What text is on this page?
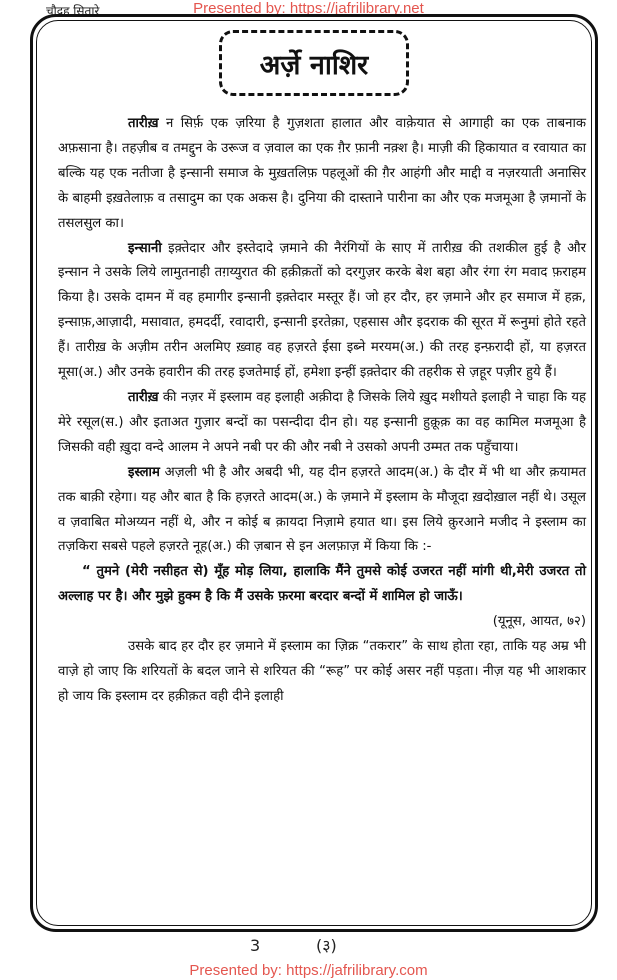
चौदह सितारे	Presented by: https://jafrilibrary.net
अर्ज़े नाशिर

तारीख़ न सिर्फ़ एक ज़रिया है गुज़शता हालात और वाक़ेयात से आगाही का एक ताबनाक अफ़साना है। तहज़ीब व तमद्दुन के उरूज व ज़वाल का एक ग़ैर फ़ानी नक़्श है। माज़ी की हिकायात व रवायात का बल्कि यह एक नतीजा है इन्सानी समाज के मुख़तलिफ़ पहलूओं की ग़ैर आहंगी और माद्दी व नज़रयाती अनासिर के बाहमी इख़तेलाफ़ व तसादुम का एक अकस है। दुनिया की दास्ताने पारीना का और एक मजमूआ है ज़मानों के तसलसुल का।

इन्सानी इक़्तेदार और इस्तेदादे ज़माने की नैरंगियों के साए में तारीख़ की तशकील हुई है और इन्सान ने उसके लिये लामुतनाही तग़य्युरात की हक़ीक़तों को दरगुज़र करके बेश बहा और रंगा रंग मवाद फ़राहम किया है। उसके दामन में वह हमागीर इन्सानी इक़्तेदार मस्तूर हैं। जो हर दौर, हर ज़माने और हर समाज में हक़, इन्साफ़,आज़ादी, मसावात, हमदर्दी, रवादारी, इन्सानी इरतेक़ा, एहसास और इदराक की सूरत में रूनुमां होते रहते हैं। तारीख़ के अज़ीम तरीन अलमिए ख़्वाह वह हज़रते ईसा इब्ने मरयम(अ.) की तरह इन्फ़रादी हों, या हज़रत मूसा(अ.) और उनके हवारीन की तरह इजतेमाई हों, हमेशा इन्हीं इक़्तेदार की तहरीक से ज़हूर पज़ीर हुये हैं।

तारीख़ की नज़र में इस्लाम वह इलाही अक़ीदा है जिसके लिये ख़ुद मशीयते इलाही ने चाहा कि यह मेरे रसूल(स.) और इताअत गुज़ार बन्दों का पसन्दीदा दीन हो। यह इन्सानी हुक़ूक़ का वह कामिल मजमूआ है जिसकी वही ख़ुदा वन्दे आलम ने अपने नबी पर की और नबी ने उसको अपनी उम्मत तक पहुँचाया।

इस्लाम अज़ली भी है और अबदी भी, यह दीन हज़रते आदम(अ.) के दौर में भी था और क़यामत तक बाक़ी रहेगा। यह और बात है कि हज़रते आदम(अ.) के ज़माने में इस्लाम के मौजूदा ख़दोख़ाल नहीं थे। उसूल व ज़वाबित मोअय्यन नहीं थे, और न कोई ब क़ायदा निज़ामे हयात था। इस लिये क़ुरआने मजीद ने इस्लाम का तज़किरा सबसे पहले हज़रते नूह(अ.) की ज़बान से इन अलफ़ाज़ में किया कि :-

“ तुमने (मेरी नसीहत से) मूँह मोड़ लिया, हालाकि मैंने तुमसे कोई उजरत नहीं मांगी थी,मेरी उजरत तो अल्लाह पर है। और मुझे हुक्म है कि मैं उसके फ़रमा बरदार बन्दों में शामिल हो जाऊँ।

(यूनूस, आयत, ७२)

उसके बाद हर दौर हर ज़माने में इस्लाम का ज़िक्र “तकरार” के साथ होता रहा, ताकि यह अम्र भी वाज़े हो जाए कि शरियतों के बदल जाने से शरियत की “रूह” पर कोई असर नहीं पड़ता। नीज़ यह भी आशकार हो जाय कि इस्लाम दर हक़ीक़त वही दीने इलाही

3	(३)
Presented by: https://jafrilibrary.com
